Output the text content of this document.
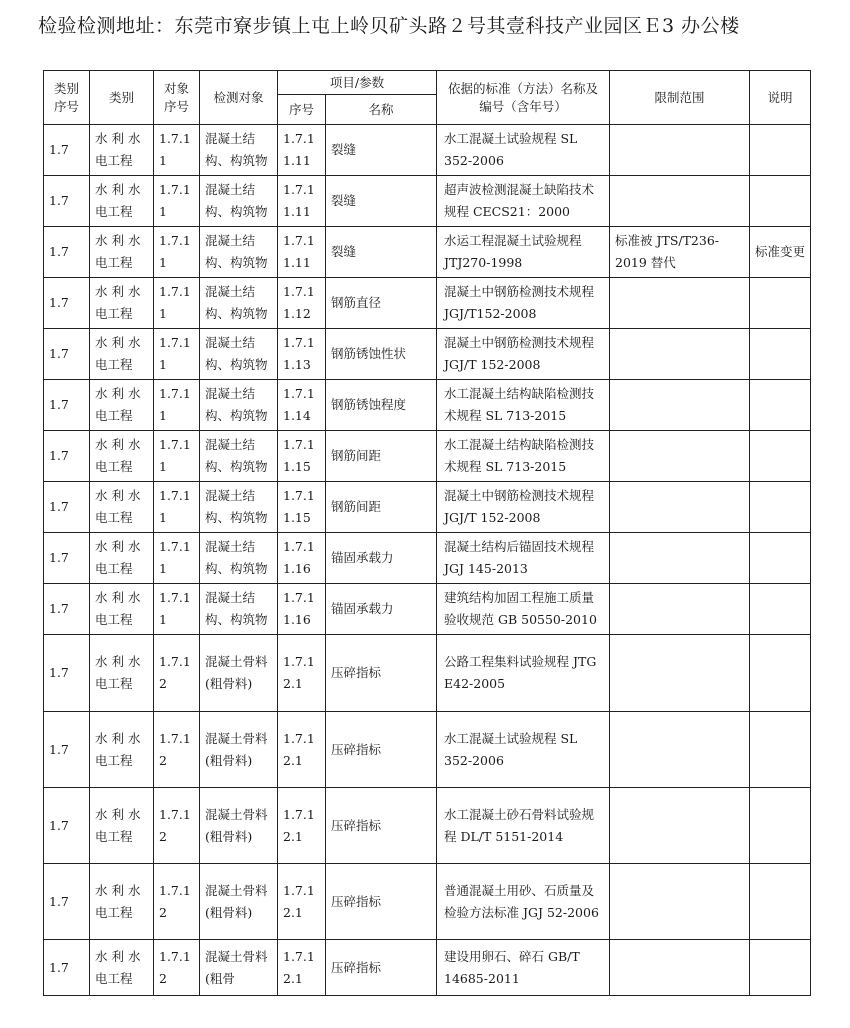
检验检测地址：东莞市寮步镇上屯上岭贝矿头路２号其壹科技产业园区Ｅ3 办公楼
类别序号	类别	对象序号	检测对象	项目/参数		依据的标准（方法）名称及编号（含年号）	限制范围	说明
				序号	名称			
1.7	水 利 水电工程	1.7.1 1	混凝土结构、构筑物	1.7.1 1.11	裂缝	水工混凝土试验规程 SL 352-2006		
1.7	水 利 水电工程	1.7.1 1	混凝土结构、构筑物	1.7.1 1.11	裂缝	超声波检测混凝土缺陷技术规程 CECS21：2000		
1.7	水 利 水电工程	1.7.1 1	混凝土结构、构筑物	1.7.1 1.11	裂缝	水运工程混凝土试验规程 JTJ270-1998	标准被 JTS/T236-2019 替代	标准变更
1.7	水 利 水电工程	1.7.1 1	混凝土结构、构筑物	1.7.1 1.12	钢筋直径	混凝土中钢筋检测技术规程 JGJ/T152-2008		
1.7	水 利 水电工程	1.7.1 1	混凝土结构、构筑物	1.7.1 1.13	钢筋锈蚀性状	混凝土中钢筋检测技术规程 JGJ/T 152-2008		
1.7	水 利 水电工程	1.7.1 1	混凝土结构、构筑物	1.7.1 1.14	钢筋锈蚀程度	水工混凝土结构缺陷检测技术规程 SL 713-2015		
1.7	水 利 水电工程	1.7.1 1	混凝土结构、构筑物	1.7.1 1.15	钢筋间距	水工混凝土结构缺陷检测技术规程 SL 713-2015		
1.7	水 利 水电工程	1.7.1 1	混凝土结构、构筑物	1.7.1 1.15	钢筋间距	混凝土中钢筋检测技术规程 JGJ/T 152-2008		
1.7	水 利 水电工程	1.7.1 1	混凝土结构、构筑物	1.7.1 1.16	锚固承载力	混凝土结构后锚固技术规程 JGJ 145-2013		
1.7	水 利 水电工程	1.7.1 1	混凝土结构、构筑物	1.7.1 1.16	锚固承载力	建筑结构加固工程施工质量验收规范 GB 50550-2010		
1.7	水 利 水电工程	1.7.1 2	混凝土骨料(粗骨料)	1.7.1 2.1	压碎指标	公路工程集料试验规程 JTG E42-2005		
1.7	水 利 水电工程	1.7.1 2	混凝土骨料(粗骨料)	1.7.1 2.1	压碎指标	水工混凝土试验规程 SL 352-2006		
1.7	水 利 水电工程	1.7.1 2	混凝土骨料(粗骨料)	1.7.1 2.1	压碎指标	水工混凝土砂石骨料试验规程 DL/T 5151-2014		
1.7	水 利 水电工程	1.7.1 2	混凝土骨料(粗骨料)	1.7.1 2.1	压碎指标	普通混凝土用砂、石质量及检验方法标准 JGJ 52-2006		
1.7	水 利 水电工程	1.7.1 2	混凝土骨料(粗骨	1.7.1 2.1	压碎指标	建设用卵石、碎石 GB/T 14685-2011		
